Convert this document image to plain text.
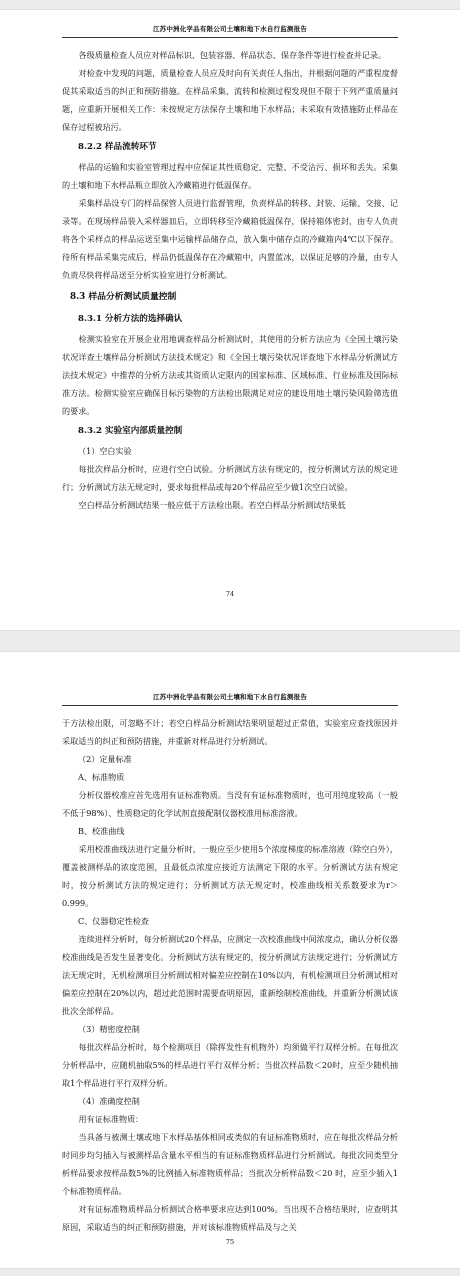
江苏中洲化学品有限公司土壤和地下水自行监测报告
各级质量检查人员应对样品标识、包装容器、样品状态、保存条件等进行检查并记录。
对检查中发现的问题，质量检查人员应及时向有关责任人指出，并根据问题的严重程度督促其采取适当的纠正和预防措施。在样品采集、流转和检测过程发现但不限于下列严重质量问题，应重新开展相关工作：未按规定方法保存土壤和地下水样品；未采取有效措施防止样品在保存过程被玷污。
8.2.2 样品流转环节
样品的运输和实验室管理过程中应保证其性质稳定、完整、不受沾污、损坏和丢失。采集的土壤和地下水样品瓶立即放入冷藏箱进行低温保存。
采集样品设专门的样品保管人员进行监督管理，负责样品的转移、封装、运输、交接、记录等。在现场样品装入采样器皿后，立即转移至冷藏箱低温保存，保持箱体密封，由专人负责将各个采样点的样品运送至集中运输样品储存点，放入集中储存点的冷藏箱内4℃以下保存。待所有样品采集完成后，样品仍低温保存在冷藏箱中，内置蓝冰，以保证足够的冷量，由专人负责尽快将样品送至分析实验室进行分析测试。
8.3 样品分析测试质量控制
8.3.1 分析方法的选择确认
检测实验室在开展企业用地调查样品分析测试时，其使用的分析方法应为《全国土壤污染状况详查土壤样品分析测试方法技术规定》和《全国土壤污染状况详查地下水样品分析测试方法技术规定》中推荐的分析方法或其资质认定限内的国家标准、区域标准、行业标准及国际标准方法。检测实验室应确保目标污染物的方法检出限满足对应的建设用地土壤污染风险筛选值的要求。
8.3.2 实验室内部质量控制
（1）空白实验
每批次样品分析时，应进行空白试验。分析测试方法有规定的，按分析测试方法的规定进行；分析测试方法无规定时，要求每批样品或每20个样品应至少做1次空白试验。
空白样品分析测试结果一般应低于方法检出限。若空白样品分析测试结果低
74
江苏中洲化学品有限公司土壤和地下水自行监测报告
于方法检出限，可忽略不计；若空白样品分析测试结果明显超过正常值，实验室应查找原因并采取适当的纠正和预防措施，并重新对样品进行分析测试。
（2）定量标准
A、标准物质
分析仪器校准应首先选用有证标准物质。当没有有证标准物质时，也可用纯度较高（一般不低于98%）、性质稳定的化学试剂直接配制仪器校准用标准溶液。
B、校准曲线
采用校准曲线法进行定量分析时，一般应至少使用5个浓度梯度的标准溶液（除空白外），覆盖被测样品的浓度范围，且最低点浓度应接近方法测定下限的水平。分析测试方法有规定时，按分析测试方法的规定进行；分析测试方法无规定时，校准曲线相关系数要求为r＞0.999。
C、仪器稳定性检查
连续进样分析时，每分析测试20个样品，应测定一次校准曲线中间浓度点，确认分析仪器校准曲线是否发生显著变化。分析测试方法有规定的，按分析测试方法规定进行；分析测试方法无规定时，无机检测项目分析测试相对偏差应控制在10%以内，有机检测项目分析测试相对偏差应控制在20%以内，超过此范围时需要查明原因，重新绘制校准曲线，并重新分析测试该批次全部样品。
（3）精密度控制
每批次样品分析时，每个检测项目（除挥发性有机物外）均须做平行双样分析。在每批次分析样品中，应随机抽取5%的样品进行平行双样分析；当批次样品数＜20时，应至少随机抽取1个样品进行平行双样分析。
（4）准确度控制
用有证标准物质：
当具备与被测土壤或地下水样品基体相同或类似的有证标准物质时，应在每批次样品分析时同步均匀插入与被测样品含量水平相当的有证标准物质样品进行分析测试。每批次同类型分析样品要求按样品数5%的比例插入标准物质样品；当批次分析样品数＜20 时，应至少插入1个标准物质样品。
对有证标准物质样品分析测试合格率要求应达到100%。当出现不合格结果时，应查明其原因，采取适当的纠正和预防措施，并对该标准物质样品及与之关
75
